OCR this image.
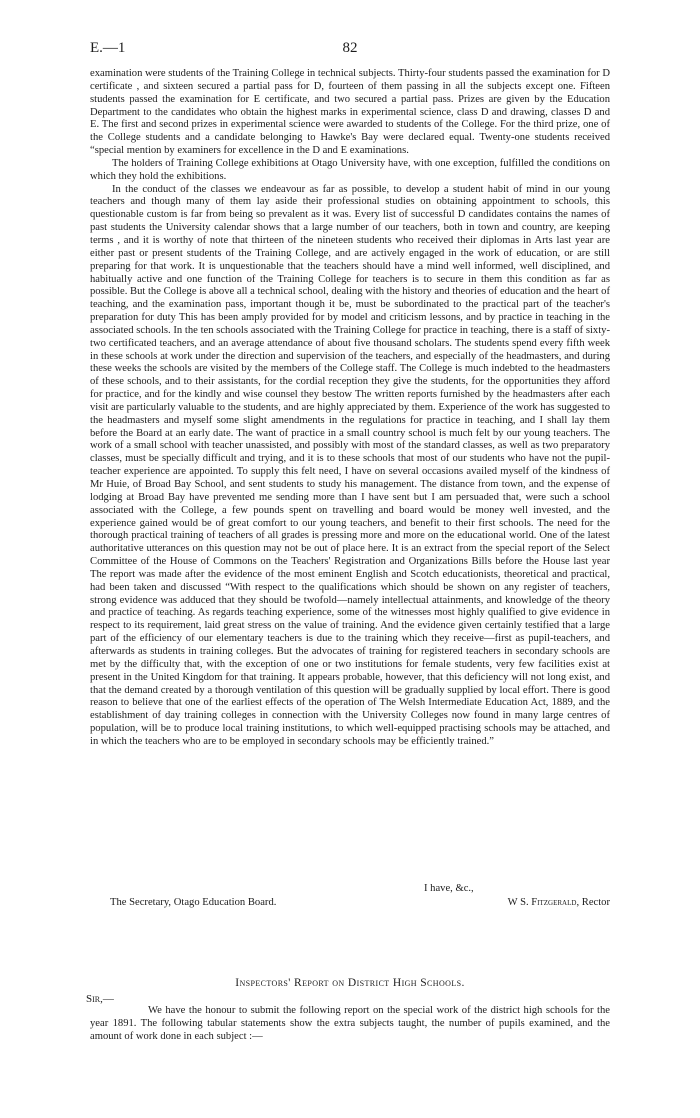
E.—1	82

examination were students of the Training College in technical subjects. Thirty-four students passed the examination for D certificate , and sixteen secured a partial pass for D, fourteen of them passing in all the subjects except one. Fifteen students passed the examination for E certificate, and two secured a partial pass. Prizes are given by the Education Department to the candidates who obtain the highest marks in experimental science, class D and drawing, classes D and E. The first and second prizes in experimental science were awarded to students of the College. For the third prize, one of the College students and a candidate belonging to Hawke's Bay were declared equal. Twenty-one students received “special mention by examiners for excellence in the D and E examinations.

The holders of Training College exhibitions at Otago University have, with one exception, fulfilled the conditions on which they hold the exhibitions.

In the conduct of the classes we endeavour as far as possible, to develop a student habit of mind in our young teachers and though many of them lay aside their professional studies on obtaining appointment to schools, this questionable custom is far from being so prevalent as it was. Every list of successful D candidates contains the names of past students the University calendar shows that a large number of our teachers, both in town and country, are keeping terms , and it is worthy of note that thirteen of the nineteen students who received their diplomas in Arts last year are either past or present students of the Training College, and are actively engaged in the work of education, or are still preparing for that work. It is unquestionable that the teachers should have a mind well informed, well disciplined, and habitually active and one function of the Training College for teachers is to secure in them this condition as far as possible. But the College is above all a technical school, dealing with the history and theories of education and the heart of teaching, and the examination pass, important though it be, must be subordinated to the practical part of the teacher's preparation for duty This has been amply provided for by model and criticism lessons, and by practice in teaching in the associated schools. In the ten schools associated with the Training College for practice in teaching, there is a staff of sixty-two certificated teachers, and an average attendance of about five thousand scholars. The students spend every fifth week in these schools at work under the direction and supervision of the teachers, and especially of the headmasters, and during these weeks the schools are visited by the members of the College staff. The College is much indebted to the headmasters of these schools, and to their assistants, for the cordial reception they give the students, for the opportunities they afford for practice, and for the kindly and wise counsel they bestow The written reports furnished by the headmasters after each visit are particularly valuable to the students, and are highly appreciated by them. Experience of the work has suggested to the headmasters and myself some slight amendments in the regulations for practice in teaching, and I shall lay them before the Board at an early date. The want of practice in a small country school is much felt by our young teachers. The work of a small school with teacher unassisted, and possibly with most of the standard classes, as well as two preparatory classes, must be specially difficult and trying, and it is to these schools that most of our students who have not the pupil-teacher experience are appointed. To supply this felt need, I have on several occasions availed myself of the kindness of Mr Huie, of Broad Bay School, and sent students to study his management. The distance from town, and the expense of lodging at Broad Bay have prevented me sending more than I have sent but I am persuaded that, were such a school associated with the College, a few pounds spent on travelling and board would be money well invested, and the experience gained would be of great comfort to our young teachers, and benefit to their first schools. The need for the thorough practical training of teachers of all grades is pressing more and more on the educational world. One of the latest authoritative utterances on this question may not be out of place here. It is an extract from the special report of the Select Committee of the House of Commons on the Teachers' Registration and Organizations Bills before the House last year The report was made after the evidence of the most eminent English and Scotch educationists, theoretical and practical, had been taken and discussed “With respect to the qualifications which should be shown on any register of teachers, strong evidence was adduced that they should be twofold—namely intellectual attainments, and knowledge of the theory and practice of teaching. As regards teaching experience, some of the witnesses most highly qualified to give evidence in respect to its requirement, laid great stress on the value of training. And the evidence given certainly testified that a large part of the efficiency of our elementary teachers is due to the training which they receive—first as pupil-teachers, and afterwards as students in training colleges. But the advocates of training for registered teachers in secondary schools are met by the difficulty that, with the exception of one or two institutions for female students, very few facilities exist at present in the United Kingdom for that training. It appears probable, however, that this deficiency will not long exist, and that the demand created by a thorough ventilation of this question will be gradually supplied by local effort. There is good reason to believe that one of the earliest effects of the operation of The Welsh Intermediate Education Act, 1889, and the establishment of day training colleges in connection with the University Colleges now found in many large centres of population, will be to produce local training institutions, to which well-equipped practising schools may be attached, and in which the teachers who are to be employed in secondary schools may be efficiently trained.”

I have, &c.,
The Secretary, Otago Education Board.	W S. Fitzgerald, Rector
Inspectors' Report on District High Schools.
Sir,—

We have the honour to submit the following report on the special work of the district high schools for the year 1891. The following tabular statements show the extra subjects taught, the number of pupils examined, and the amount of work done in each subject :—
